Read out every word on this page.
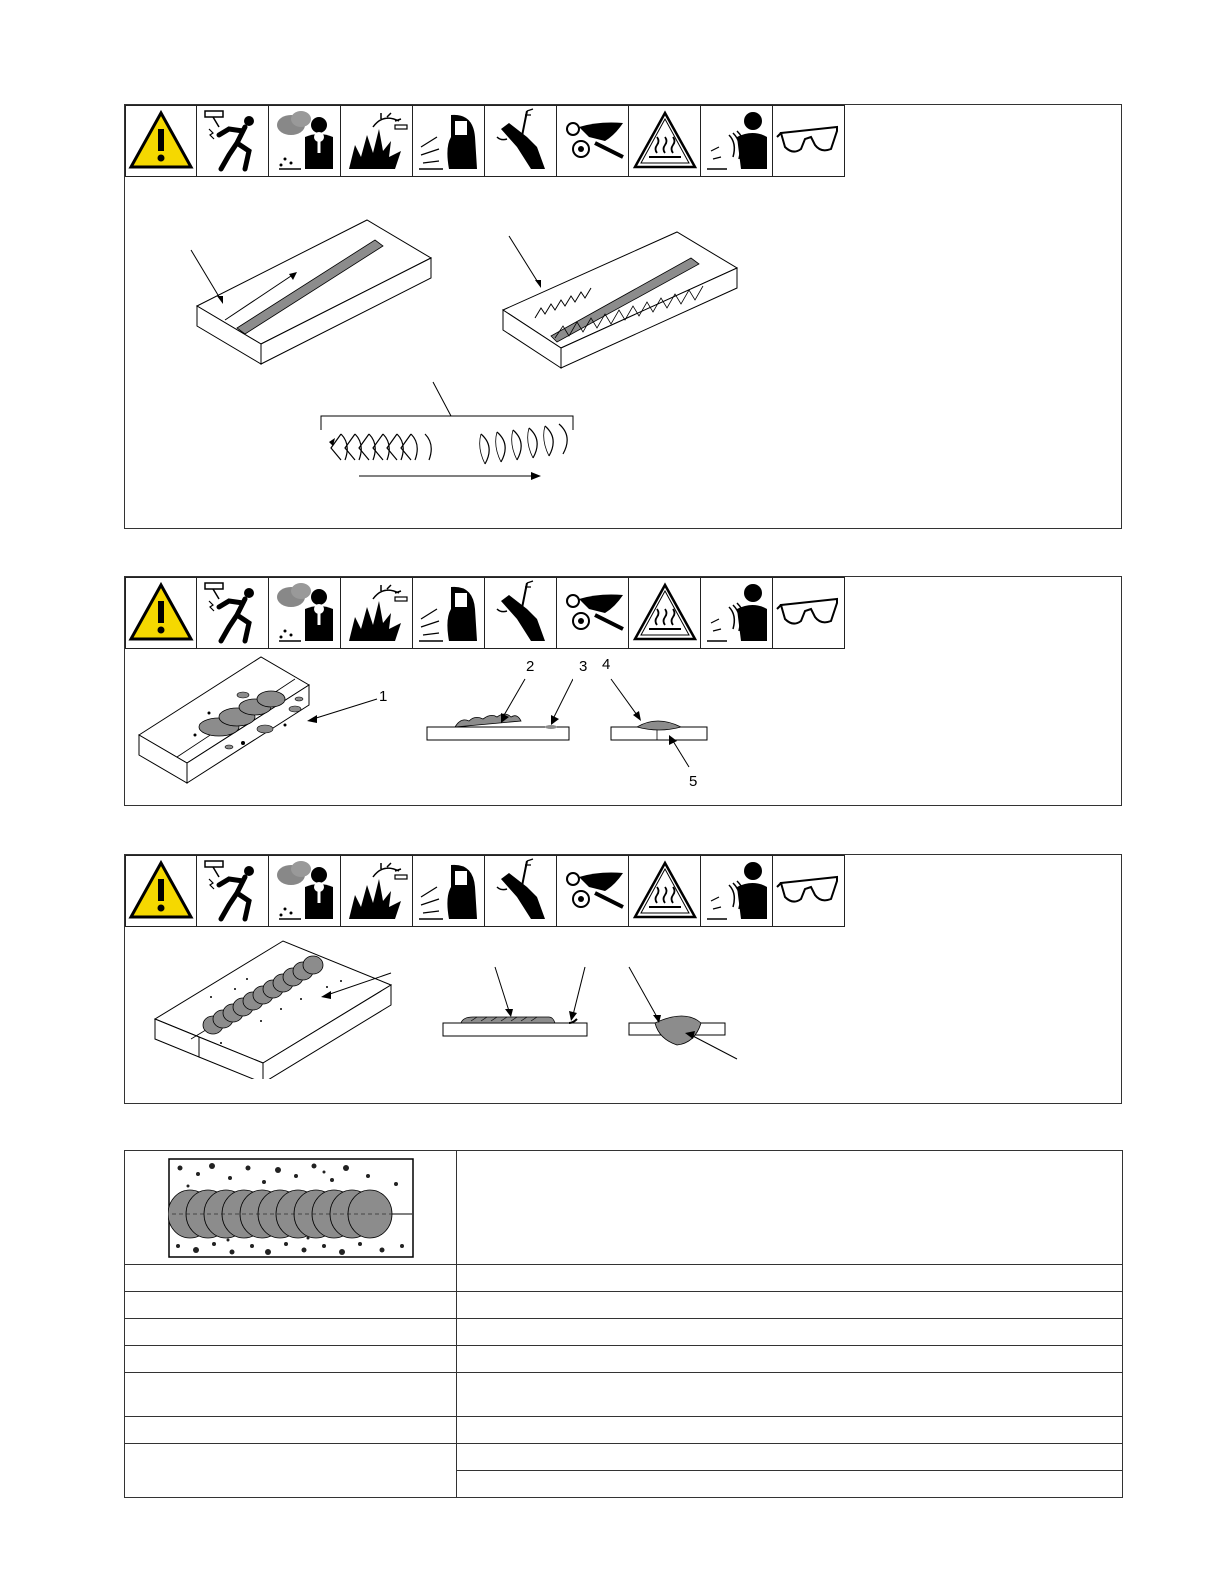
1
2	3 4
5
